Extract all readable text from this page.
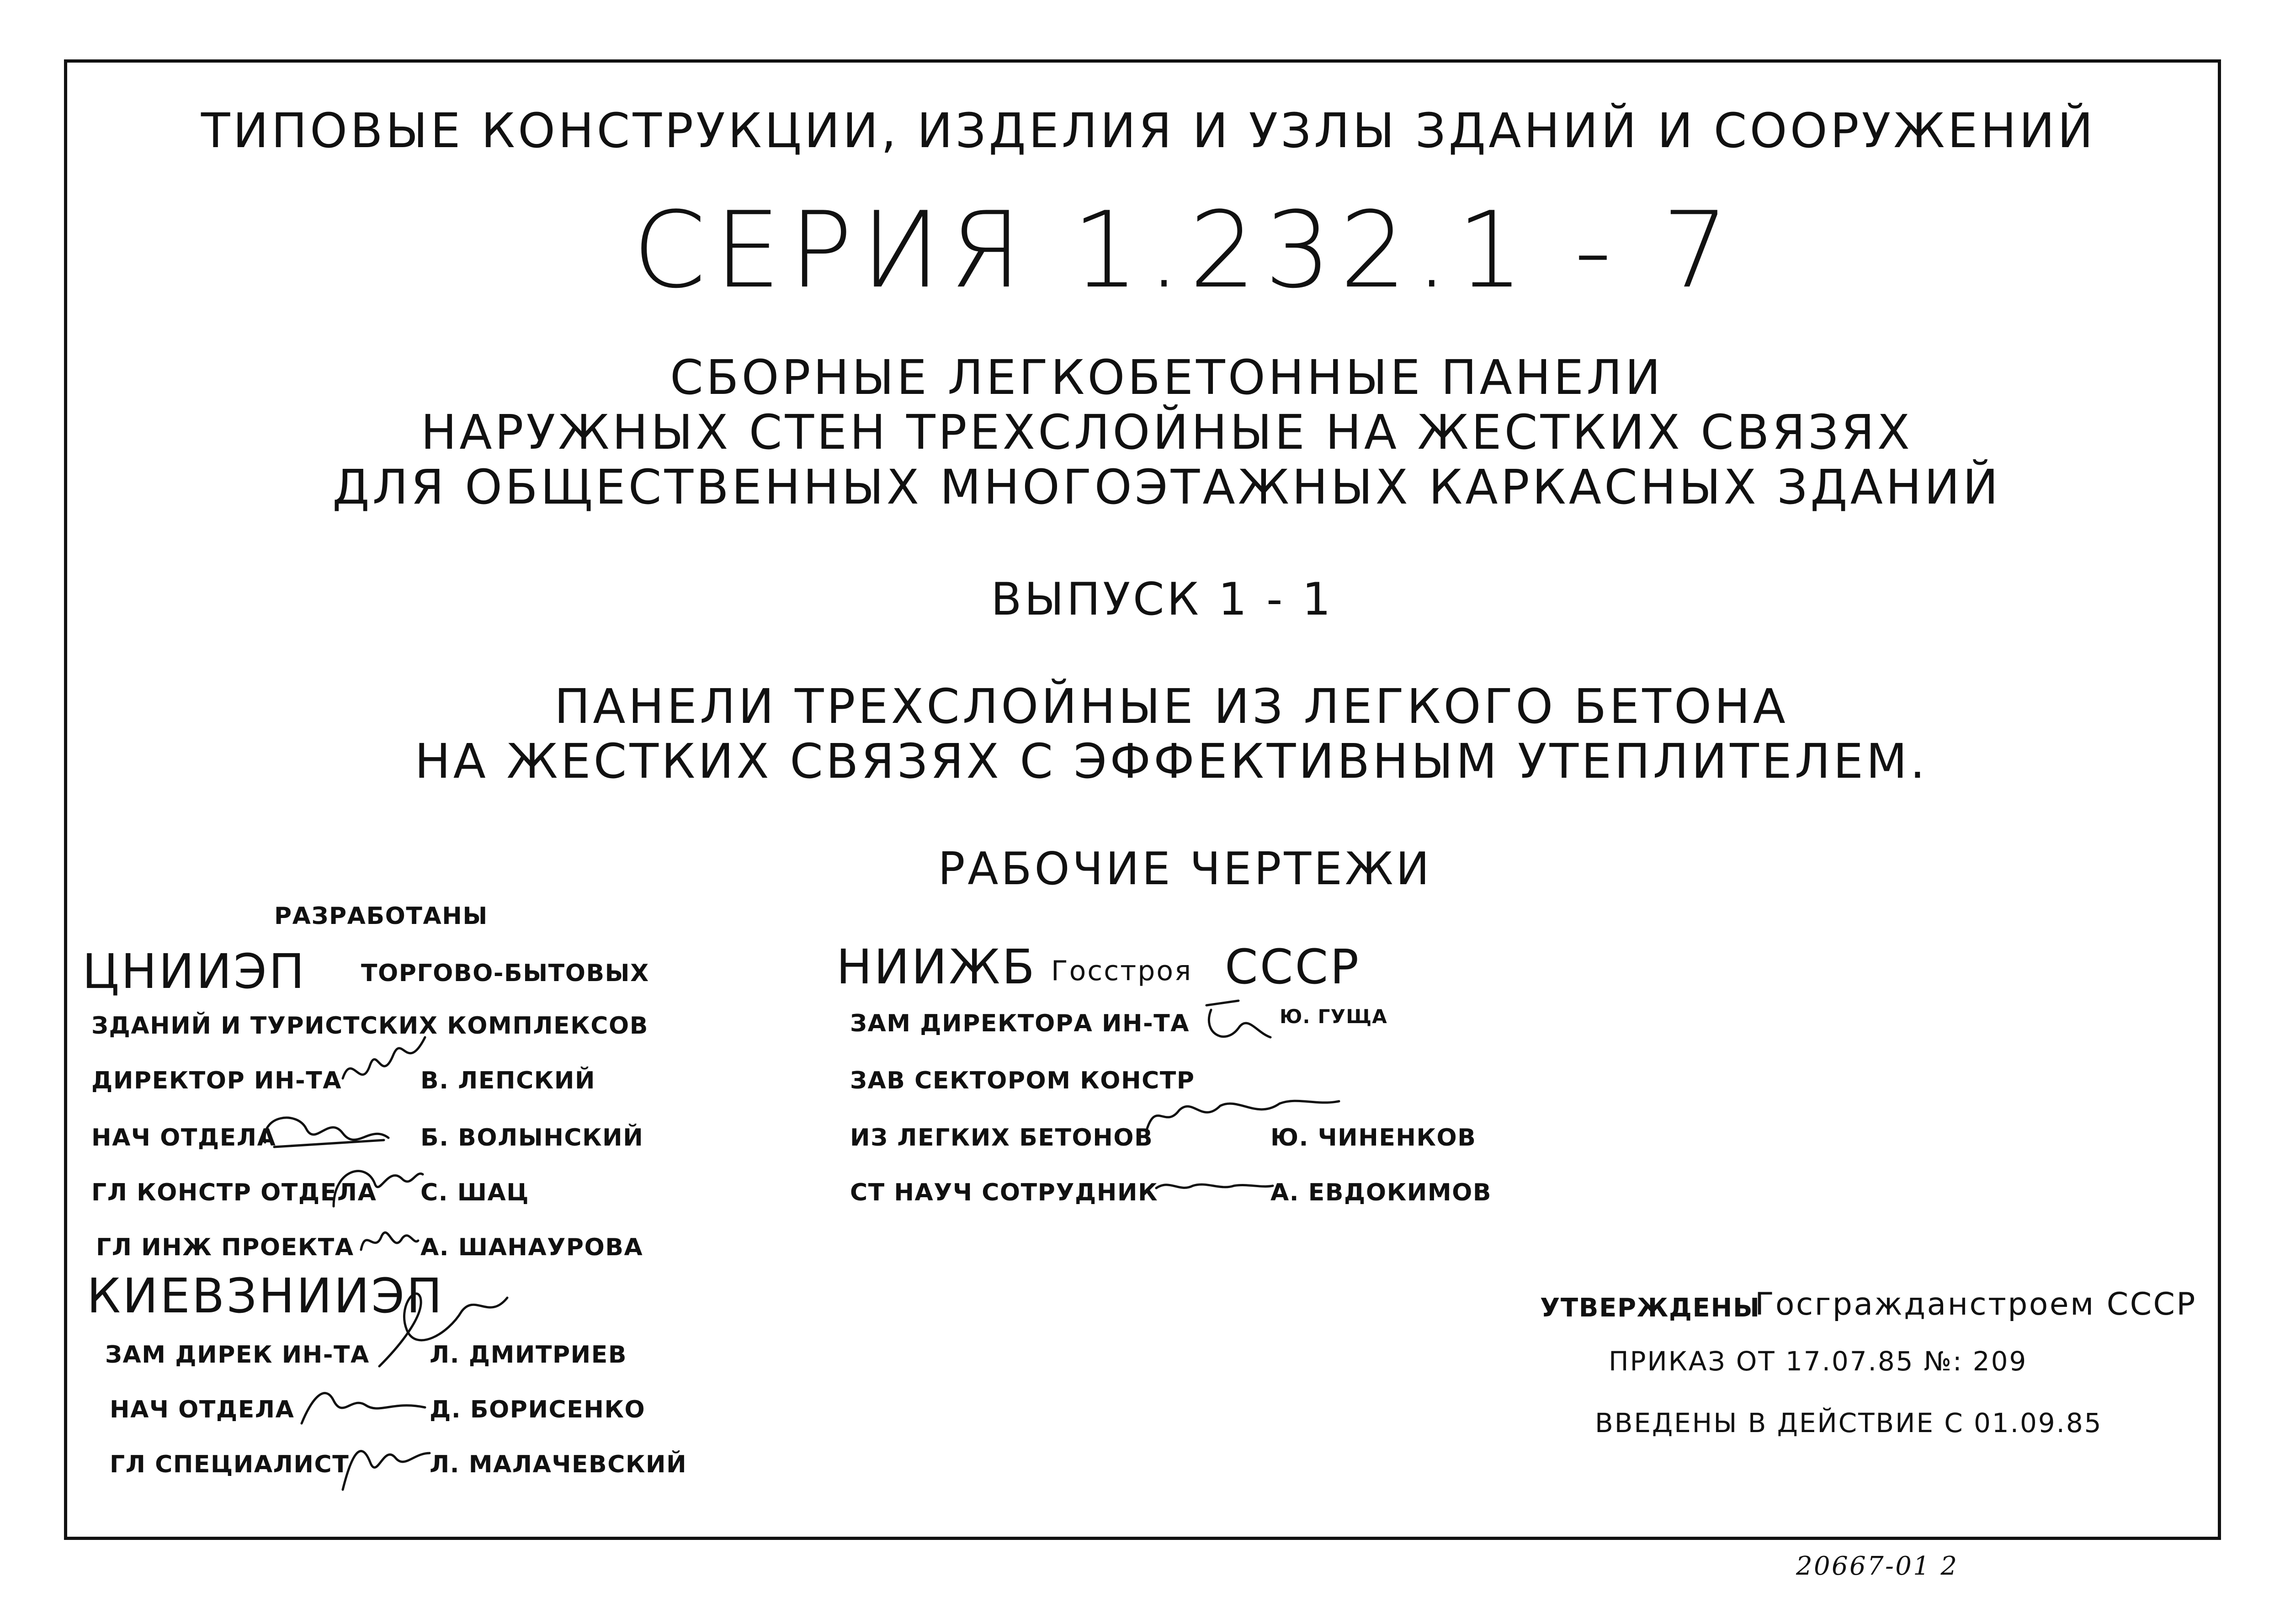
ТИПОВЫЕ КОНСТРУКЦИИ, ИЗДЕЛИЯ И УЗЛЫ ЗДАНИЙ И СООРУЖЕНИЙ
СЕРИЯ 1.232.1 - 7
СБОРНЫЕ ЛЕГКОБЕТОННЫЕ ПАНЕЛИ
НАРУЖНЫХ СТЕН ТРЕХСЛОЙНЫЕ НА ЖЕСТКИХ СВЯЗЯХ
ДЛЯ ОБЩЕСТВЕННЫХ МНОГОЭТАЖНЫХ КАРКАСНЫХ ЗДАНИЙ
ВЫПУСК 1 - 1
ПАНЕЛИ ТРЕХСЛОЙНЫЕ ИЗ ЛЕГКОГО БЕТОНА
НА ЖЕСТКИХ СВЯЗЯХ С ЭФФЕКТИВНЫМ УТЕПЛИТЕЛЕМ.
РАБОЧИЕ ЧЕРТЕЖИ
РАЗРАБОТАНЫ
ЦНИИЭП ТОРГОВО-БЫТОВЫХ
ЗДАНИЙ И ТУРИСТСКИХ КОМПЛЕКСОВ
ДИРЕКТОР ИН-ТА	В. ЛЕПСКИЙ
НАЧ ОТДЕЛА	Б. ВОЛЫНСКИЙ
ГЛ КОНСТР ОТДЕЛА С. ШАЦ
ГЛ ИНЖ ПРОЕКТА	А. ШАНАУРОВА
КИЕВЗНИИЭП
ЗАМ ДИРЕК ИН-ТА	Л. ДМИТРИЕВ
НАЧ ОТДЕЛА	Д. БОРИСЕНКО
ГЛ СПЕЦИАЛИСТ	Л. МАЛАЧЕВСКИЙ
НИИЖБ Госстроя СССР
ЗАМ ДИРЕКТОРА ИН-ТА	Ю. ГУЩА
ЗАВ СЕКТОРОМ КОНСТР
ИЗ ЛЕГКИХ БЕТОНОВ	Ю. ЧИНЕНКОВ
СТ НАУЧ СОТРУДНИК	А. ЕВДОКИМОВ
УТВЕРЖДЕНЫ
Госгражданстроем СССР
ПРИКАЗ ОТ 17.07.85 №: 209
ВВЕДЕНЫ В ДЕЙСТВИЕ С 01.09.85
20667-01 2
